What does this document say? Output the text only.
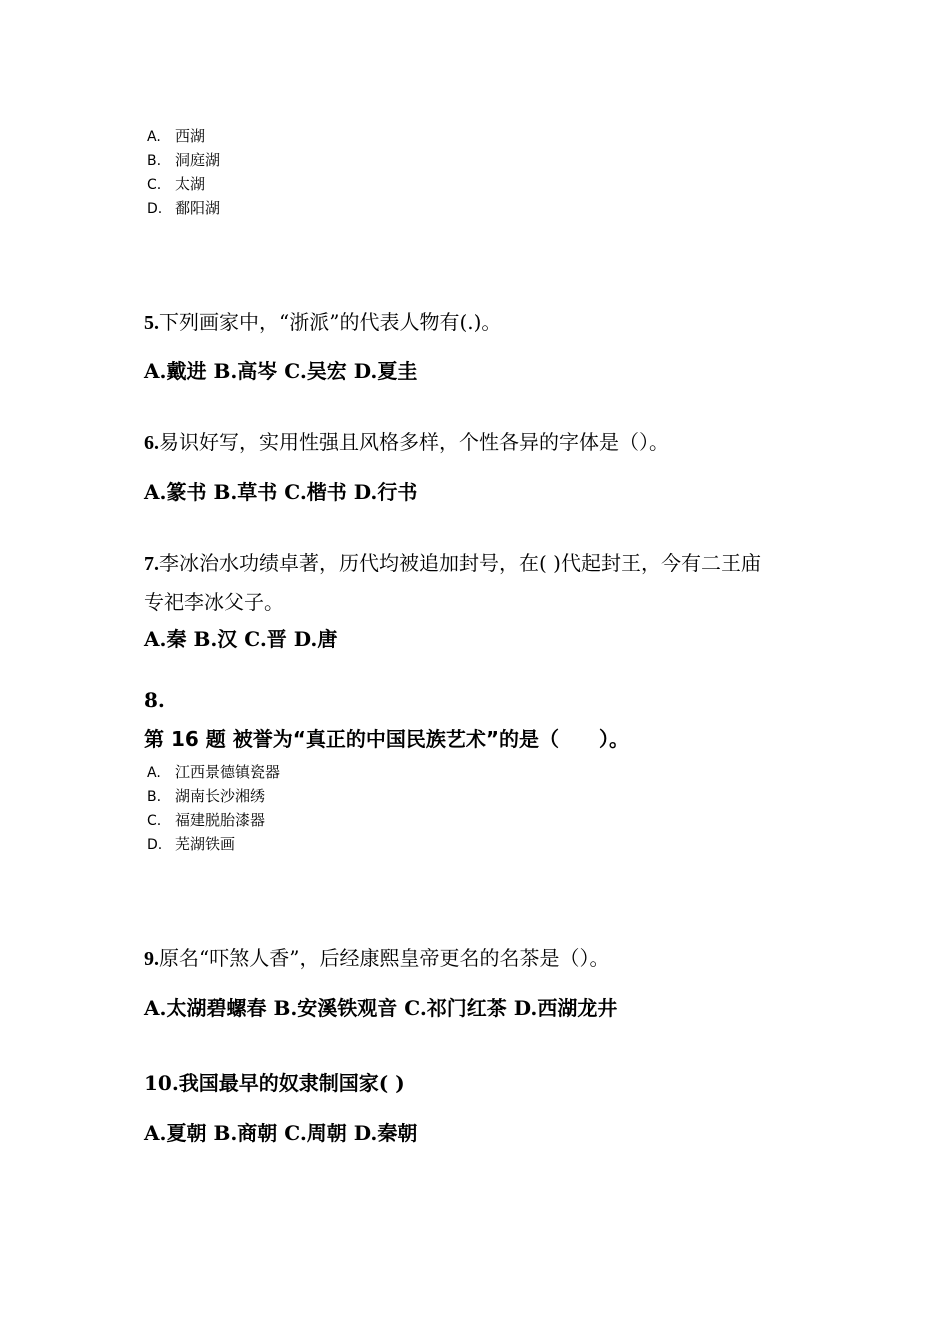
A. 西湖
B. 洞庭湖
C. 太湖
D. 鄱阳湖
5.下列画家中，“浙派”的代表人物有(.)。
A.戴进 B.高岑 C.吴宏 D.夏圭
6.易识好写，实用性强且风格多样，个性各异的字体是（）。
A.篆书 B.草书 C.楷书 D.行书
7.李冰治水功绩卓著，历代均被追加封号，在( )代起封王，今有二王庙
专祀李冰父子。
A.秦 B.汉 C.晋 D.唐
8.
第 16 题 被誉为“真正的中国民族艺术”的是（　　）。
A. 江西景德镇瓷器
B. 湖南长沙湘绣
C. 福建脱胎漆器
D. 芜湖铁画
9.原名“吓煞人香”，后经康熙皇帝更名的名茶是（）。
A.太湖碧螺春 B.安溪铁观音 C.祁门红茶 D.西湖龙井
10.我国最早的奴隶制国家( )
A.夏朝 B.商朝 C.周朝 D.秦朝
